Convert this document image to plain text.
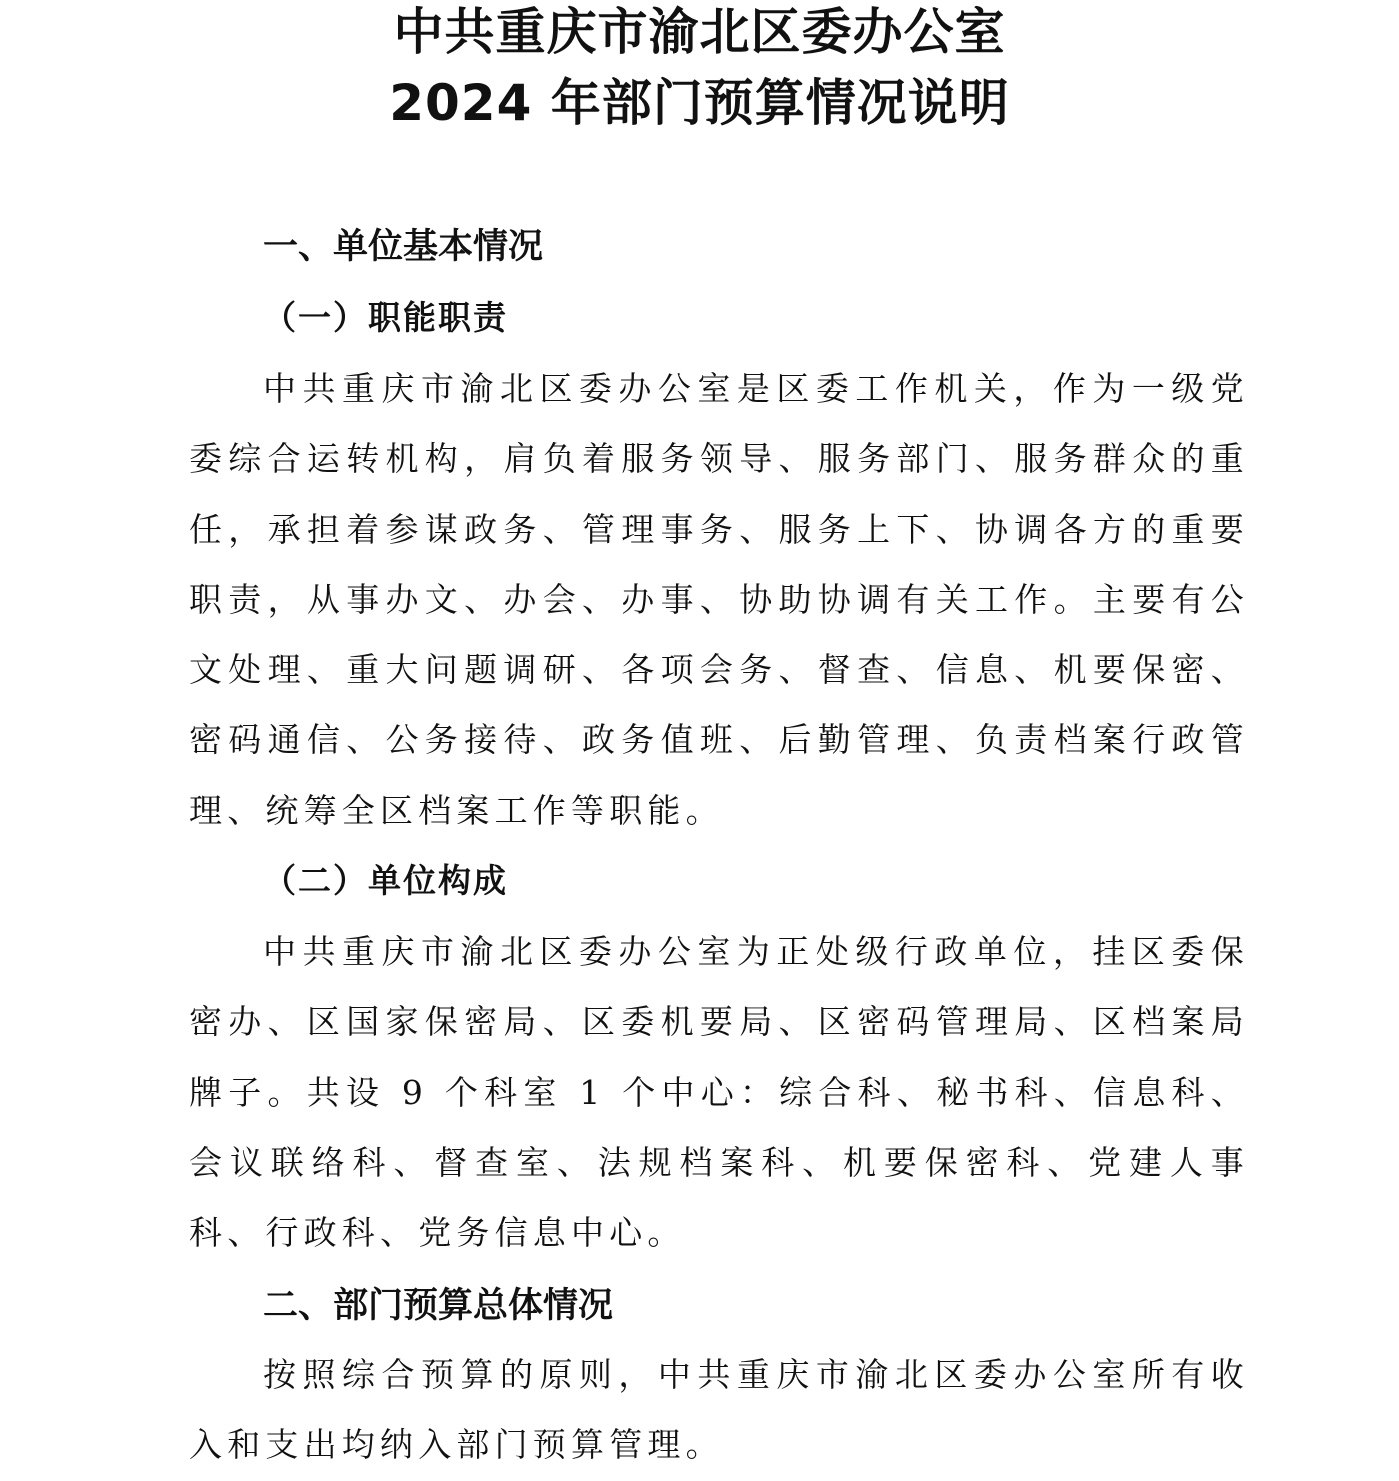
中共重庆市渝北区委办公室
2024 年部门预算情况说明
一、单位基本情况
（一）职能职责

中共重庆市渝北区委办公室是区委工作机关，作为一级党委综合运转机构，肩负着服务领导、服务部门、服务群众的重任，承担着参谋政务、管理事务、服务上下、协调各方的重要职责，从事办文、办会、办事、协助协调有关工作。主要有公文处理、重大问题调研、各项会务、督查、信息、机要保密、密码通信、公务接待、政务值班、后勤管理、负责档案行政管理、统筹全区档案工作等职能。

（二）单位构成

中共重庆市渝北区委办公室为正处级行政单位，挂区委保密办、区国家保密局、区委机要局、区密码管理局、区档案局牌子。共设 9 个科室 1 个中心：综合科、秘书科、信息科、会议联络科、督查室、法规档案科、机要保密科、党建人事科、行政科、党务信息中心。

二、部门预算总体情况

按照综合预算的原则，中共重庆市渝北区委办公室所有收入和支出均纳入部门预算管理。
